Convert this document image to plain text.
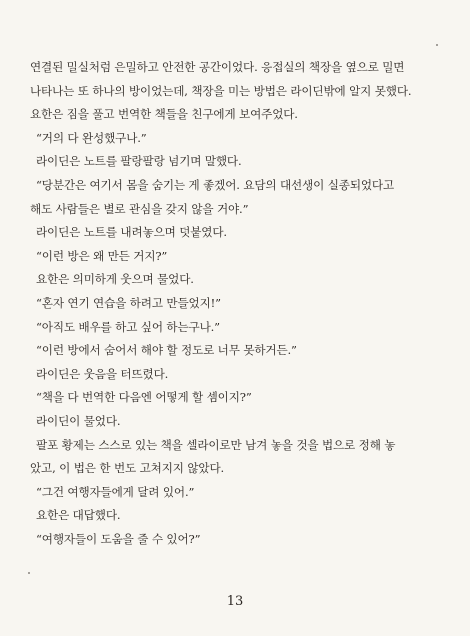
연결된 밀실처럼 은밀하고 안전한 공간이었다. 응접실의 책장을 옆으로 밀면

나타나는 또 하나의 방이었는데, 책장을 미는 방법은 라이딘밖에 알지 못했다.

요한은 짐을 풀고 번역한 책들을 친구에게 보여주었다.

“거의 다 완성했구나.”

라이딘은 노트를 팔랑팔랑 넘기며 말했다.

“당분간은 여기서 몸을 숨기는 게 좋겠어. 요담의 대선생이 실종되었다고

해도 사람들은 별로 관심을 갖지 않을 거야.”

라이딘은 노트를 내려놓으며 덧붙였다.

“이런 방은 왜 만든 거지?”

요한은 의미하게 웃으며 물었다.

“혼자 연기 연습을 하려고 만들었지!”

“아직도 배우를 하고 싶어 하는구나.”

“이런 방에서 숨어서 해야 할 정도로 너무 못하거든.”

라이딘은 웃음을 터뜨렸다.

“책을 다 번역한 다음엔 어떻게 할 셈이지?”

라이딘이 물었다.

팔포 황제는 스스로 있는 책을 셀라이로만 남겨 놓을 것을 법으로 정해 놓

았고, 이 법은 한 번도 고쳐지지 않았다.

“그건 여행자들에게 달려 있어.”

요한은 대답했다.

“여행자들이 도움을 줄 수 있어?”

13
